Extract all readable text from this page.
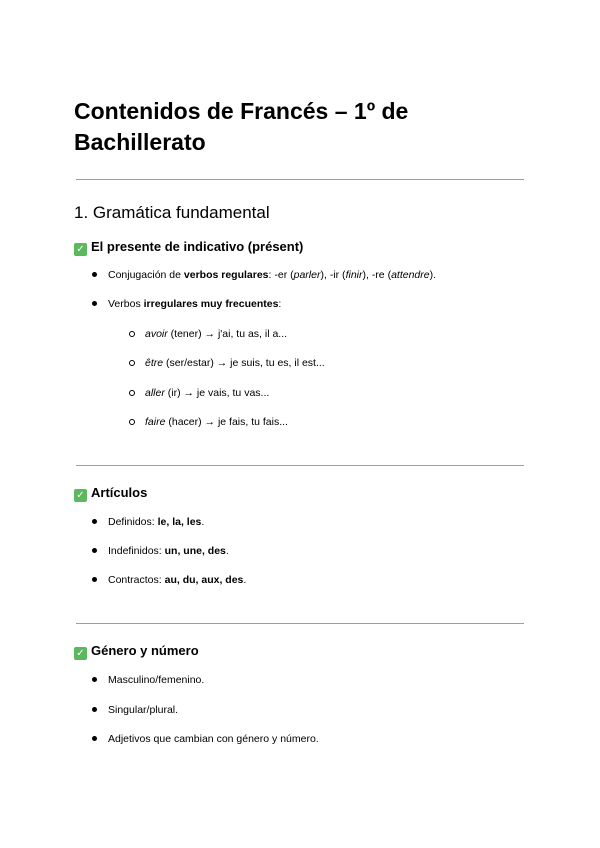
Contenidos de Francés – 1º de Bachillerato
1. Gramática fundamental
✓ El presente de indicativo (présent)
Conjugación de verbos regulares: -er (parler), -ir (finir), -re (attendre).
Verbos irregulares muy frecuentes:
avoir (tener) → j'ai, tu as, il a...
être (ser/estar) → je suis, tu es, il est...
aller (ir) → je vais, tu vas...
faire (hacer) → je fais, tu fais...
✓ Artículos
Definidos: le, la, les.
Indefinidos: un, une, des.
Contractos: au, du, aux, des.
✓ Género y número
Masculino/femenino.
Singular/plural.
Adjetivos que cambian con género y número.
